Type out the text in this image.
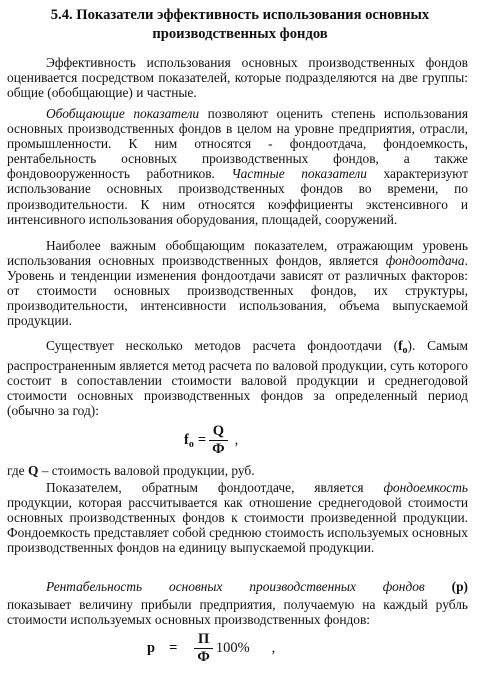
5.4. Показатели эффективность использования основных
производственных фондов
Эффективность использования основных производственных фондов оценивается посредством показателей, которые подразделяются на две группы: общие (обобщающие) и частные.
Обобщающие показатели позволяют оценить степень использования основных производственных фондов в целом на уровне предприятия, отрасли, промышленности. К ним относятся - фондоотдача, фондоемкость, рентабельность основных производственных фондов, а также фондовооруженность работников. Частные показатели характеризуют использование основных производственных фондов во времени, по производительности. К ним относятся коэффициенты экстенсивного и интенсивного использования оборудования, площадей, сооружений.
Наиболее важным обобщающим показателем, отражающим уровень использования основных производственных фондов, является фондоотдача. Уровень и тенденции изменения фондоотдачи зависят от различных факторов: от стоимости основных производственных фондов, их структуры, производительности, интенсивности использования, объема выпускаемой продукции.
Существует несколько методов расчета фондоотдачи $(f_o)$. Самым распространенным является метод расчета по валовой продукции, суть которого состоит в сопоставлении стоимости валовой продукции и среднегодовой стоимости основных производственных фондов за определенный период (обычно за год):
$f_o = \frac{Q}{Ф}$ ,
где Q – стоимость валовой продукции, руб.
Показателем, обратным фондоотдаче, является фондоемкость продукции, которая рассчитывается как отношение среднегодовой стоимости основных производственных фондов к стоимости произведенной продукции. Фондоемкость представляет собой среднюю стоимость используемых основных производственных фондов на единицу выпускаемой продукции.
Рентабельность основных производственных фондов (р)
показывает величину прибыли предприятия, получаемую на каждый рубль стоимости используемых основных производственных фондов:
$р = \frac{П}{Ф} 100\%$ ,
